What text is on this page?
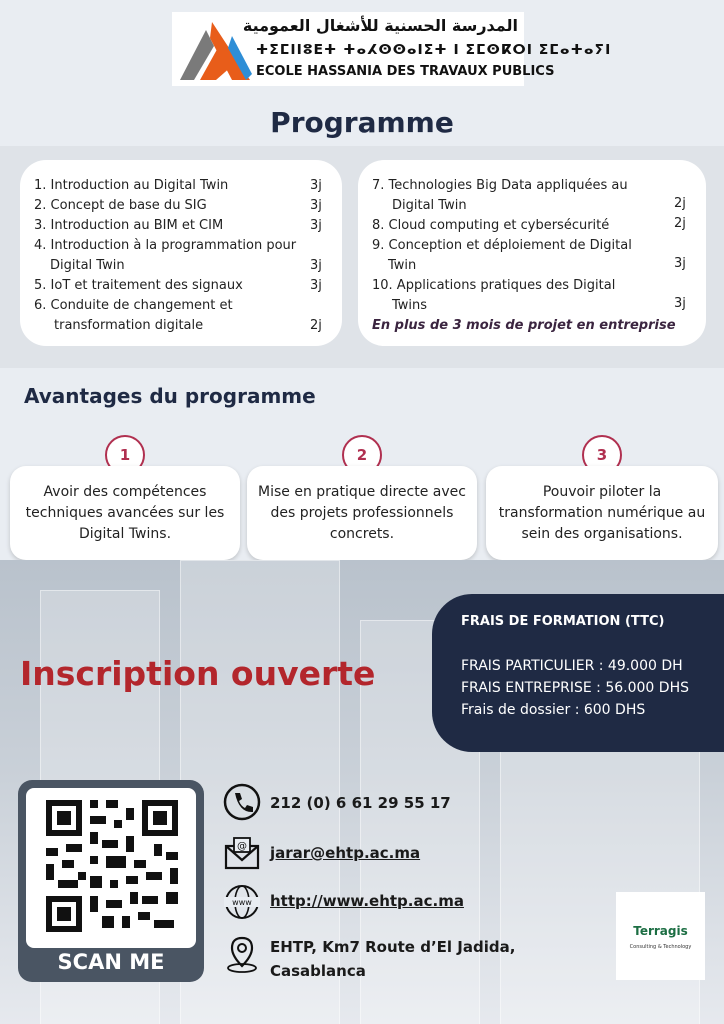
المدرسة الحسنية للأشغال العمومية
ⵜⵉⵎⵏⵏⵓⴹⵜ ⵜⴰⵃⵙⵙⴰⵏⵉⵜ ⵏ ⵉⵎⵙⴽⵔⵏ ⵉⵎⴰⵜⴰⵢⵏ
ECOLE HASSANIA DES TRAVAUX PUBLICS
Programme
1. Introduction au Digital Twin	3j
2. Concept de base du SIG	3j
3. Introduction au BIM et CIM	3j
4. Introduction à la programmation pour
Digital Twin	3j
5. IoT et traitement des signaux	3j
6. Conduite de changement et
transformation digitale	2j
7. Technologies Big Data appliquées au
Digital Twin	2j
8. Cloud computing et cybersécurité	2j
9. Conception et déploiement de Digital
Twin	3j
10. Applications pratiques des Digital
Twins	3j
En plus de 3 mois de projet en entreprise
Avantages du programme
1	2	3
Avoir des compétences techniques avancées sur les Digital Twins.
Mise en pratique directe avec des projets professionnels concrets.
Pouvoir piloter la transformation numérique au sein des organisations.
Inscription ouverte
FRAIS DE FORMATION (TTC)
FRAIS PARTICULIER : 49.000 DH
FRAIS ENTREPRISE : 56.000 DHS
Frais de dossier : 600 DHS
SCAN ME
212 (0) 6 61 29 55 17
@ jarar@ehtp.ac.ma
www http://www.ehtp.ac.ma
EHTP, Km7 Route d’El Jadida,
Casablanca
Terragis
Consulting & Technology
